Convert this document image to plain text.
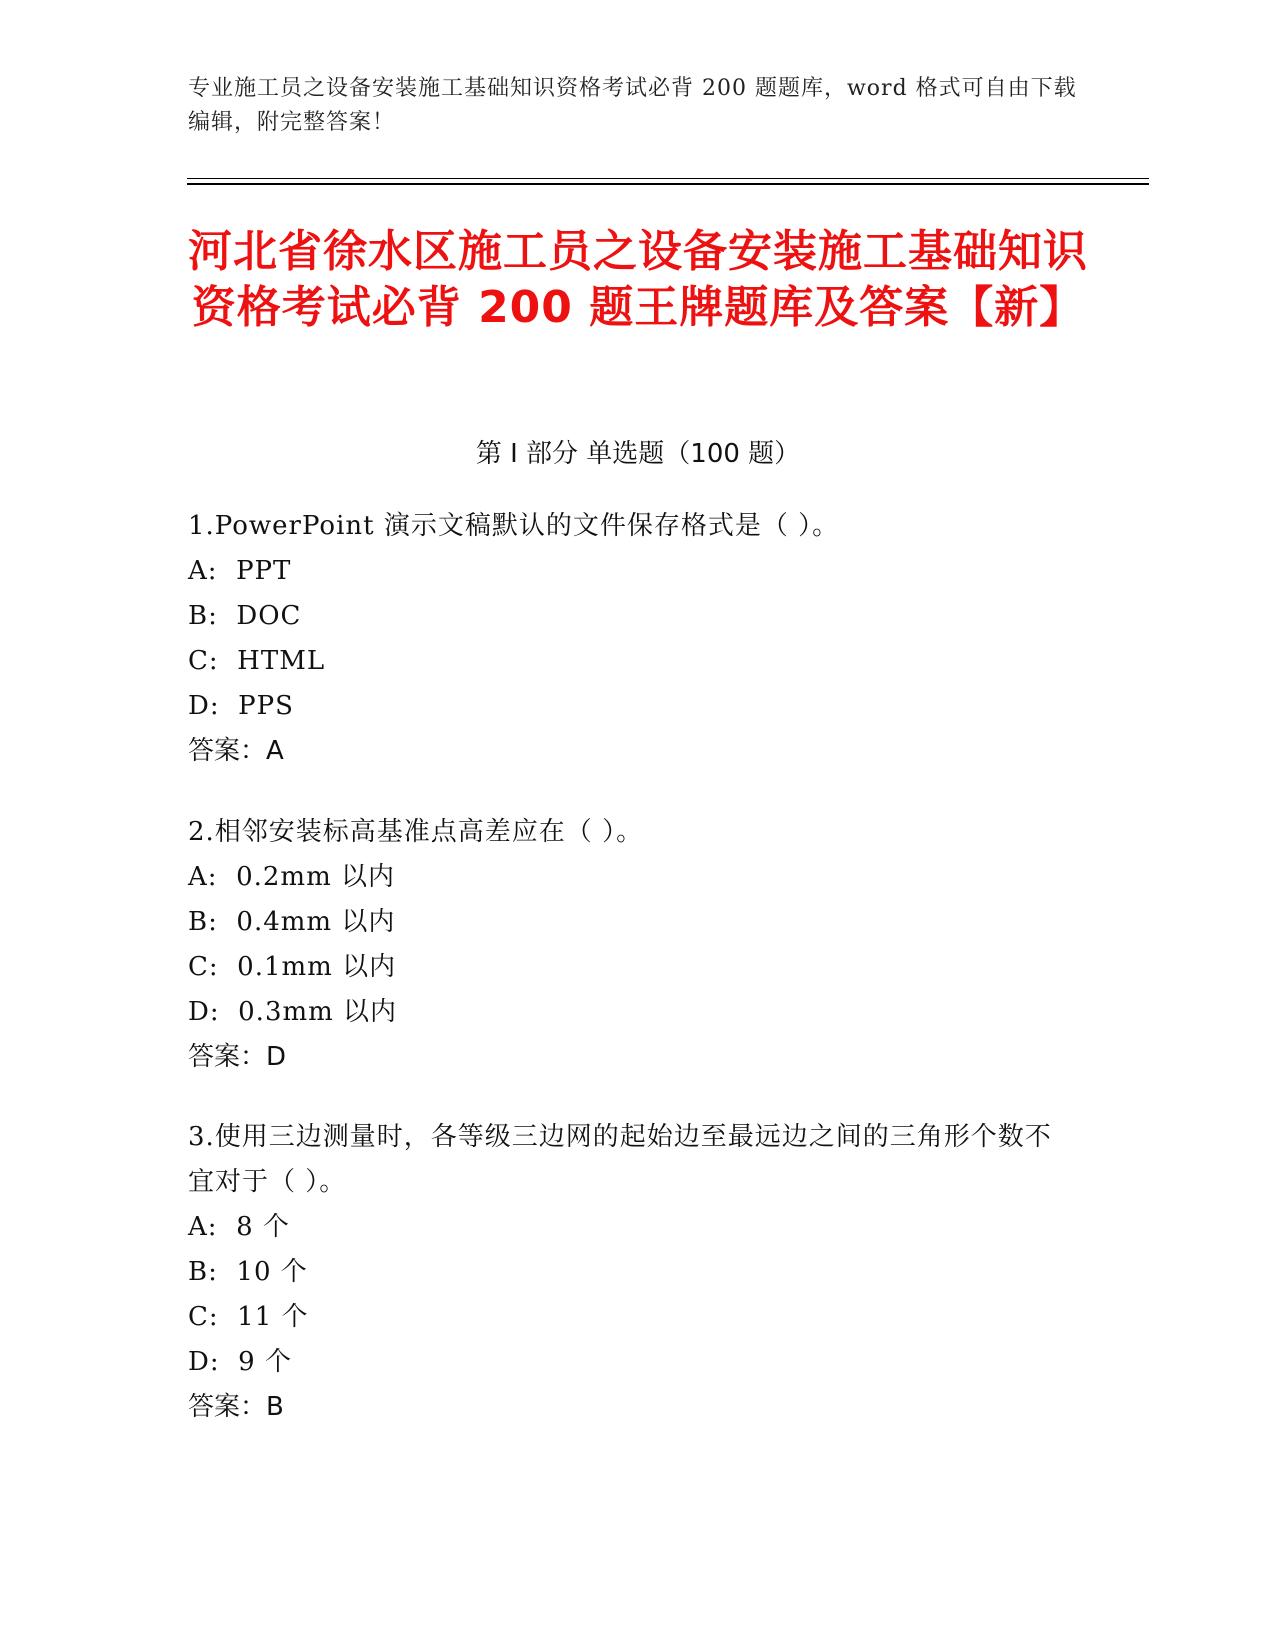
专业施工员之设备安装施工基础知识资格考试必背 200 题题库，word 格式可自由下载编辑，附完整答案！
河北省徐水区施工员之设备安装施工基础知识资格考试必背 200 题王牌题库及答案【新】
第 I 部分 单选题（100 题）

1.PowerPoint 演示文稿默认的文件保存格式是（ ）。

A:  PPT

B:  DOC

C:  HTML

D:  PPS

答案：A

2.相邻安装标高基准点高差应在（ ）。

A:  0.2mm 以内

B:  0.4mm 以内

C:  0.1mm 以内

D:  0.3mm 以内

答案：D

3.使用三边测量时，各等级三边网的起始边至最远边之间的三角形个数不宜对于（ ）。

A:  8 个

B:  10 个

C:  11 个

D:  9 个

答案：B
